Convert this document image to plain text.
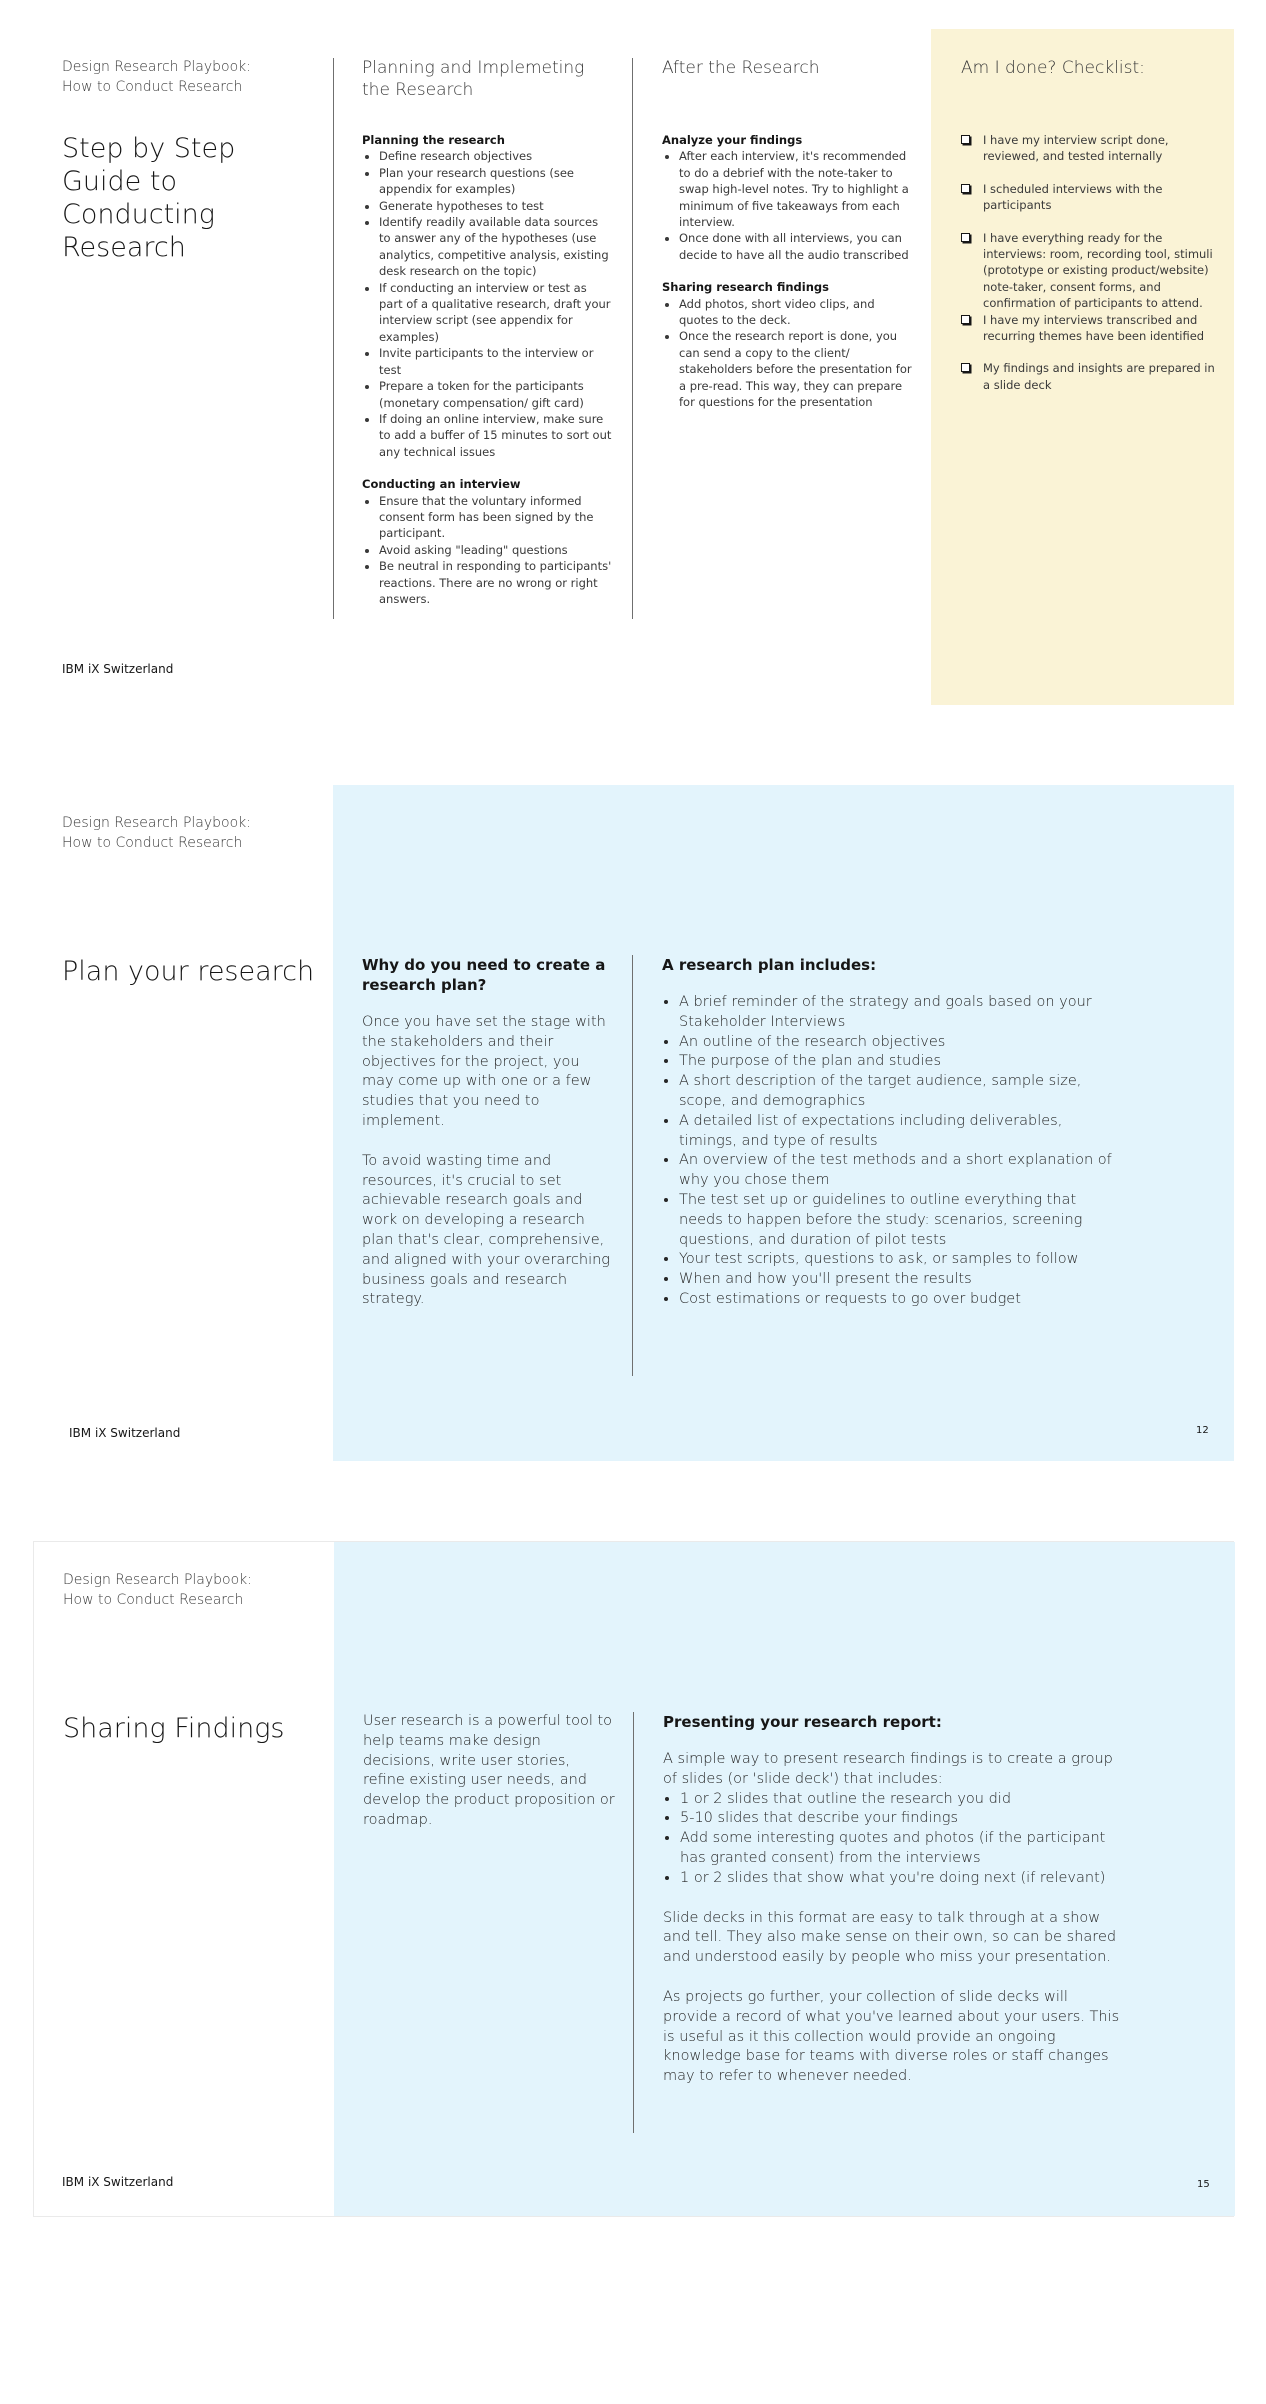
Design Research Playbook:
How to Conduct Research
Step by Step Guide to Conducting Research
Planning and Implemeting the Research
Planning the research
• Define research objectives
• Plan your research questions (see appendix for examples)
• Generate hypotheses to test
• Identify readily available data sources to answer any of the hypotheses (use analytics, competitive analysis, existing desk research on the topic)
• If conducting an interview or test as part of a qualitative research, draft your interview script (see appendix for examples)
• Invite participants to the interview or test
• Prepare a token for the participants (monetary compensation/ gift card)
• If doing an online interview, make sure to add a buffer of 15 minutes to sort out any technical issues
Conducting an interview
• Ensure that the voluntary informed consent form has been signed by the participant.
• Avoid asking "leading" questions
• Be neutral in responding to participants' reactions. There are no wrong or right answers.
After the Research
Analyze your findings
• After each interview, it's recommended to do a debrief with the note-taker to swap high-level notes. Try to highlight a minimum of five takeaways from each interview.
• Once done with all interviews, you can decide to have all the audio transcribed
Sharing research findings
• Add photos, short video clips, and quotes to the deck.
• Once the research report is done, you can send a copy to the client/ stakeholders before the presentation for a pre-read. This way, they can prepare for questions for the presentation
Am I done? Checklist:
I have my interview script done, reviewed, and tested internally
I scheduled interviews with the participants
I have everything ready for the interviews: room, recording tool, stimuli (prototype or existing product/website) note-taker, consent forms, and confirmation of participants to attend.
I have my interviews transcribed and recurring themes have been identified
My findings and insights are prepared in a slide deck
IBM iX Switzerland
Design Research Playbook:
How to Conduct Research
Plan your research	Why do you need to create a research plan?

Once you have set the stage with the stakeholders and their objectives for the project, you may come up with one or a few studies that you need to implement.

To avoid wasting time and resources, it's crucial to set achievable research goals and work on developing a research plan that's clear, comprehensive, and aligned with your overarching business goals and research strategy.

A research plan includes:
• A brief reminder of the strategy and goals based on your Stakeholder Interviews
• An outline of the research objectives
• The purpose of the plan and studies
• A short description of the target audience, sample size, scope, and demographics
• A detailed list of expectations including deliverables, timings, and type of results
• An overview of the test methods and a short explanation of why you chose them
• The test set up or guidelines to outline everything that needs to happen before the study: scenarios, screening questions, and duration of pilot tests
• Your test scripts, questions to ask, or samples to follow
• When and how you'll present the results
• Cost estimations or requests to go over budget
IBM iX Switzerland	12
Design Research Playbook:
How to Conduct Research
Sharing Findings	User research is a powerful tool to help teams make design decisions, write user stories, refine existing user needs, and develop the product proposition or roadmap.
Presenting your research report:

A simple way to present research findings is to create a group of slides (or 'slide deck') that includes:

• 1 or 2 slides that outline the research you did
• 5-10 slides that describe your findings
• Add some interesting quotes and photos (if the participant has granted consent) from the interviews
• 1 or 2 slides that show what you're doing next (if relevant)

Slide decks in this format are easy to talk through at a show and tell. They also make sense on their own, so can be shared and understood easily by people who miss your presentation.

As projects go further, your collection of slide decks will provide a record of what you've learned about your users. This is useful as it this collection would provide an ongoing knowledge base for teams with diverse roles or staff changes may to refer to whenever needed.

IBM iX Switzerland	15
